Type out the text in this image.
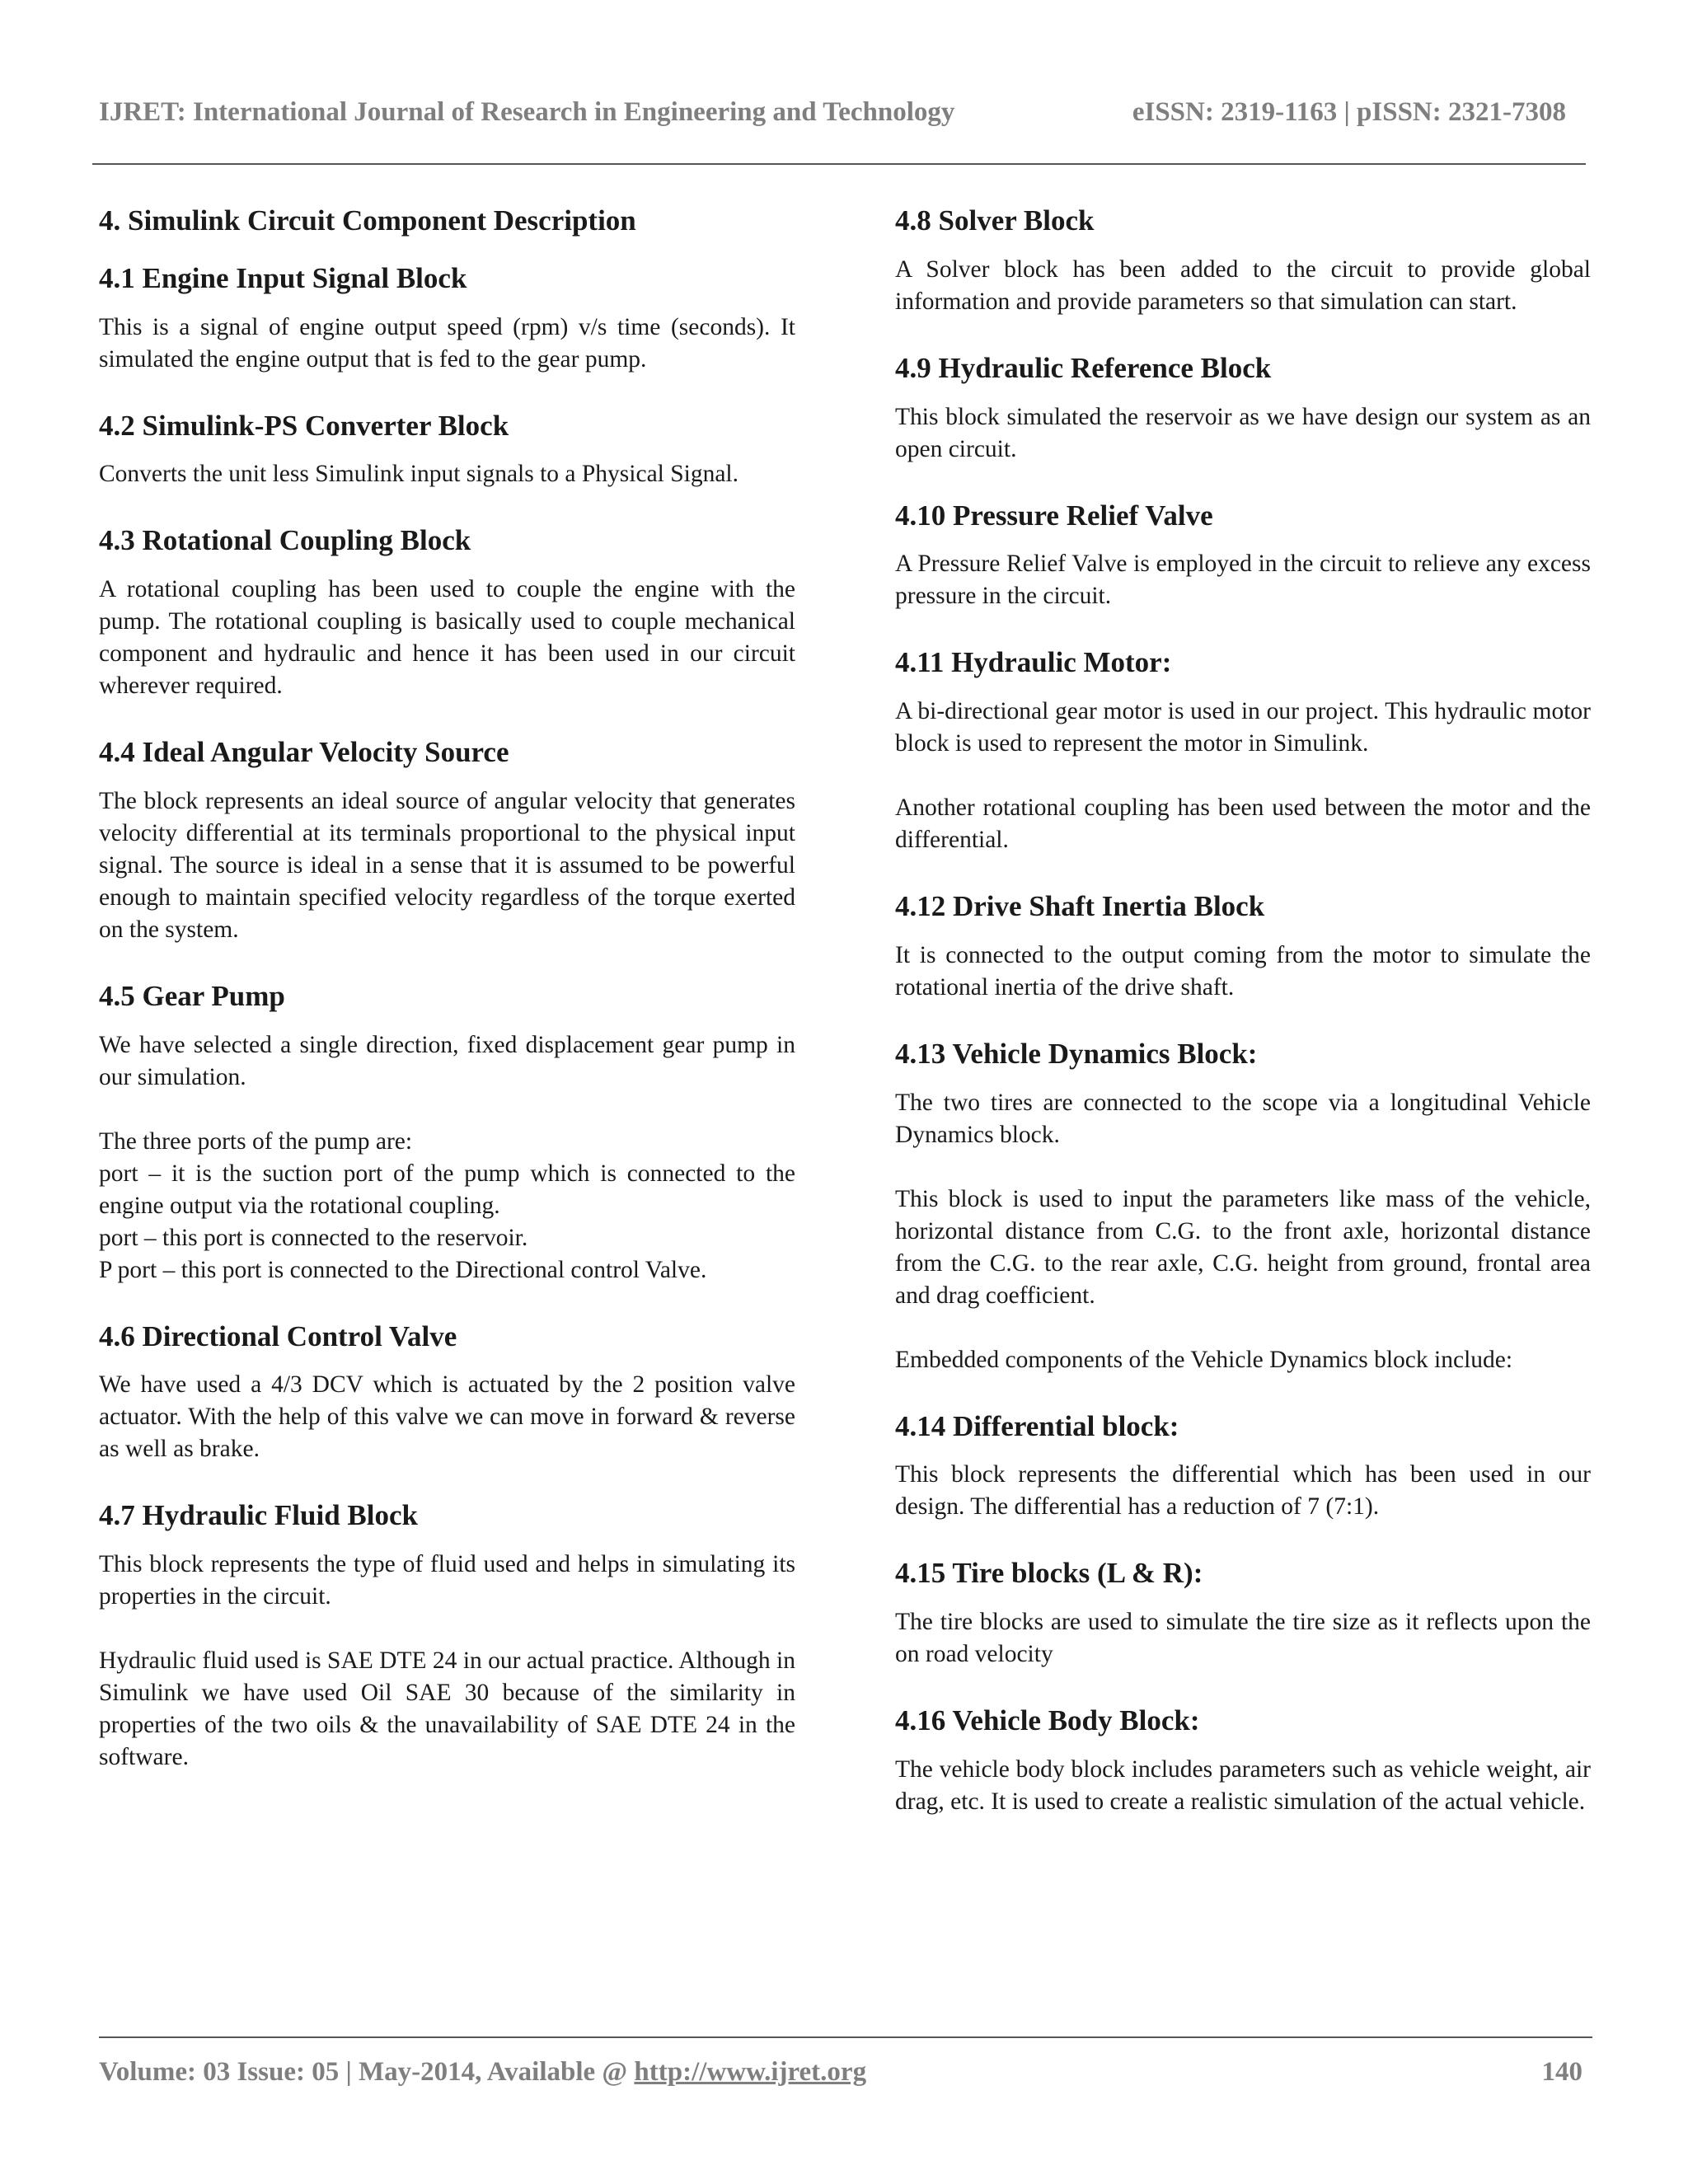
IJRET: International Journal of Research in Engineering and Technology	eISSN: 2319-1163 | pISSN: 2321-7308
4. Simulink Circuit Component Description
4.1 Engine Input Signal Block

This is a signal of engine output speed (rpm) v/s time (seconds). It simulated the engine output that is fed to the gear pump.

4.2 Simulink-PS Converter Block

Converts the unit less Simulink input signals to a Physical Signal.

4.3 Rotational Coupling Block

A rotational coupling has been used to couple the engine with the pump. The rotational coupling is basically used to couple mechanical component and hydraulic and hence it has been used in our circuit wherever required.

4.4 Ideal Angular Velocity Source

The block represents an ideal source of angular velocity that generates velocity differential at its terminals proportional to the physical input signal. The source is ideal in a sense that it is assumed to be powerful enough to maintain specified velocity regardless of the torque exerted on the system.

4.5 Gear Pump

We have selected a single direction, fixed displacement gear pump in our simulation.

The three ports of the pump are:
port – it is the suction port of the pump which is connected to the engine output via the rotational coupling.
port – this port is connected to the reservoir.
P port – this port is connected to the Directional control Valve.
4.6 Directional Control Valve

We have used a 4/3 DCV which is actuated by the 2 position valve actuator. With the help of this valve we can move in forward & reverse as well as brake.

4.7 Hydraulic Fluid Block

This block represents the type of fluid used and helps in simulating its properties in the circuit.

Hydraulic fluid used is SAE DTE 24 in our actual practice. Although in Simulink we have used Oil SAE 30 because of the similarity in properties of the two oils & the unavailability of SAE DTE 24 in the software.

4.8 Solver Block

A Solver block has been added to the circuit to provide global information and provide parameters so that simulation can start.

4.9 Hydraulic Reference Block

This block simulated the reservoir as we have design our system as an open circuit.

4.10 Pressure Relief Valve

A Pressure Relief Valve is employed in the circuit to relieve any excess pressure in the circuit.

4.11 Hydraulic Motor:

A bi-directional gear motor is used in our project. This hydraulic motor block is used to represent the motor in Simulink.

Another rotational coupling has been used between the motor and the differential.

4.12 Drive Shaft Inertia Block

It is connected to the output coming from the motor to simulate the rotational inertia of the drive shaft.

4.13 Vehicle Dynamics Block:

The two tires are connected to the scope via a longitudinal Vehicle Dynamics block.

This block is used to input the parameters like mass of the vehicle, horizontal distance from C.G. to the front axle, horizontal distance from the C.G. to the rear axle, C.G. height from ground, frontal area and drag coefficient.

Embedded components of the Vehicle Dynamics block include:

4.14 Differential block:

This block represents the differential which has been used in our design. The differential has a reduction of 7 (7:1).

4.15 Tire blocks (L & R):

The tire blocks are used to simulate the tire size as it reflects upon the on road velocity

4.16 Vehicle Body Block:

The vehicle body block includes parameters such as vehicle weight, air drag, etc. It is used to create a realistic simulation of the actual vehicle.

Volume: 03 Issue: 05 | May-2014, Available @ http://www.ijret.org	140
